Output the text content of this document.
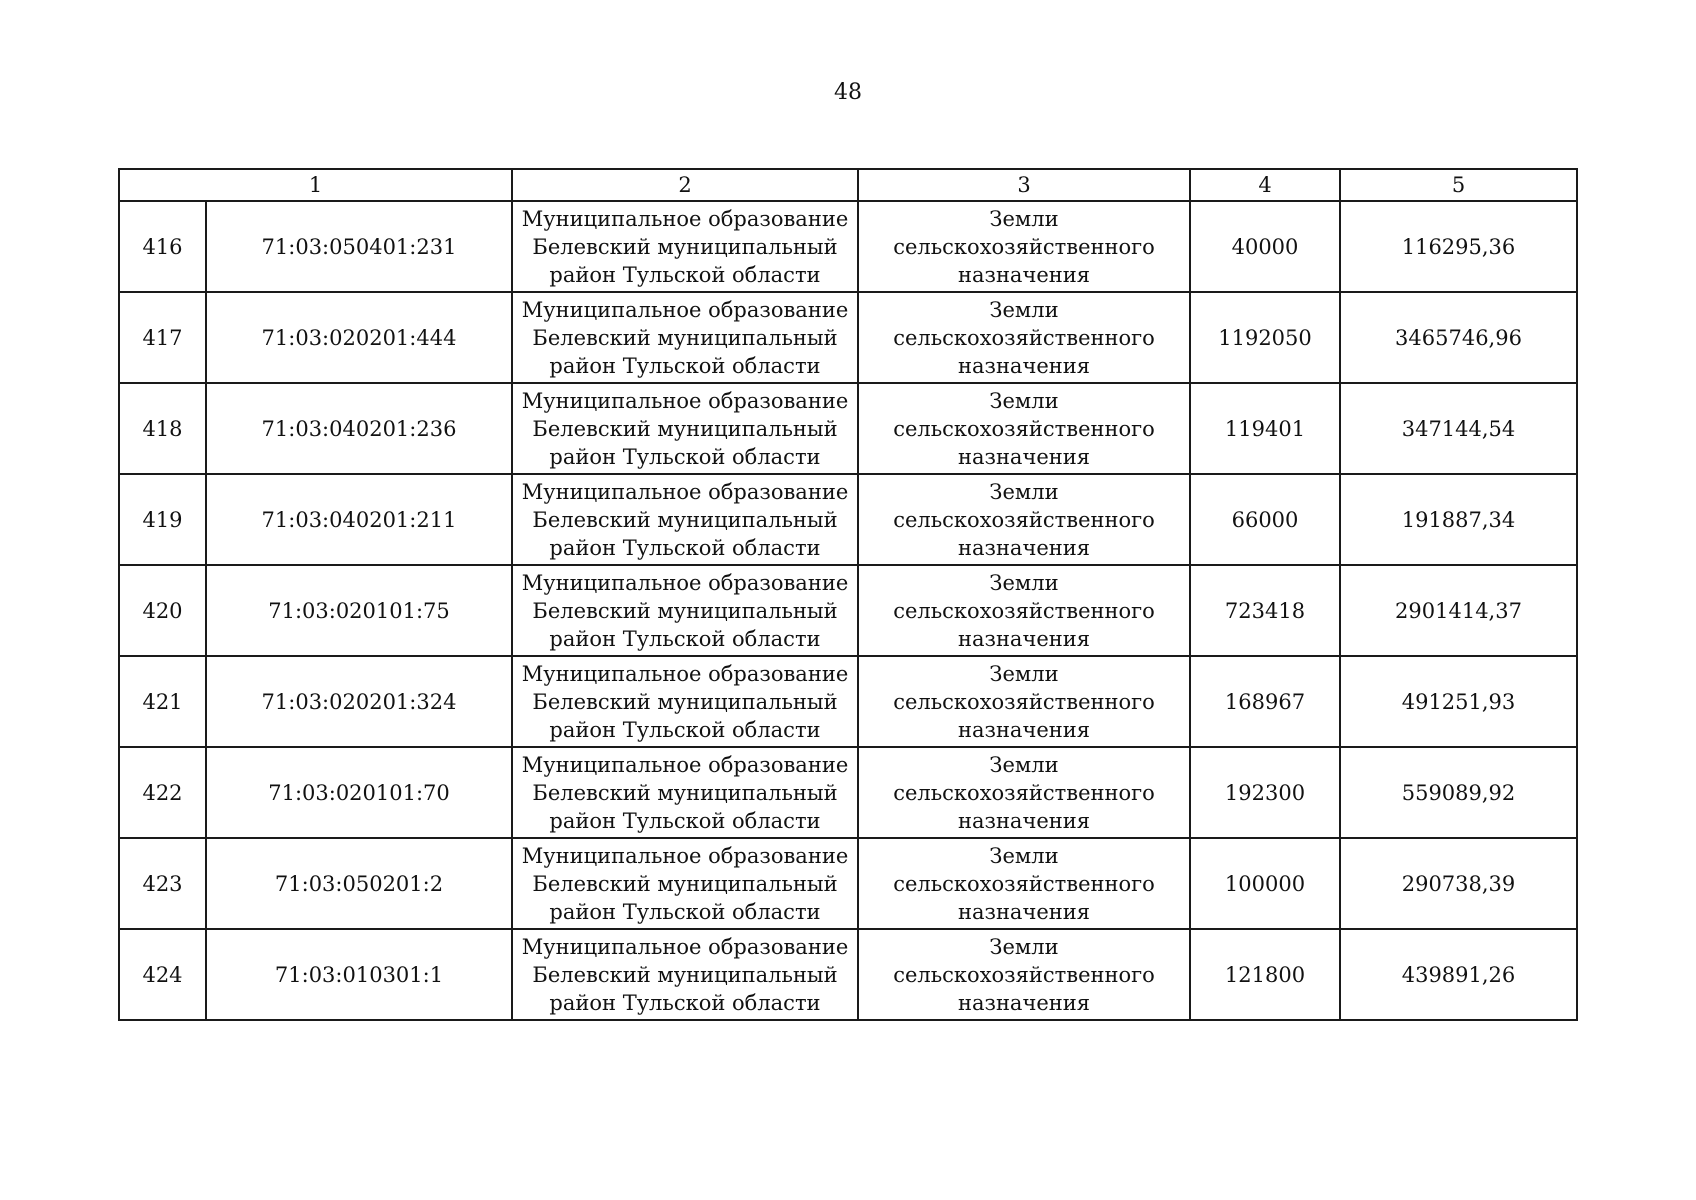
48
1		2	3	4	5
416	71:03:050401:231	Муниципальное образование
Белевский муниципальный
район Тульской области	Земли
сельскохозяйственного
назначения	40000	116295,36
417	71:03:020201:444	Муниципальное образование
Белевский муниципальный
район Тульской области	Земли
сельскохозяйственного
назначения	1192050	3465746,96
418	71:03:040201:236	Муниципальное образование
Белевский муниципальный
район Тульской области	Земли
сельскохозяйственного
назначения	119401	347144,54
419	71:03:040201:211	Муниципальное образование
Белевский муниципальный
район Тульской области	Земли
сельскохозяйственного
назначения	66000	191887,34
420	71:03:020101:75	Муниципальное образование
Белевский муниципальный
район Тульской области	Земли
сельскохозяйственного
назначения	723418	2901414,37
421	71:03:020201:324	Муниципальное образование
Белевский муниципальный
район Тульской области	Земли
сельскохозяйственного
назначения	168967	491251,93
422	71:03:020101:70	Муниципальное образование
Белевский муниципальный
район Тульской области	Земли
сельскохозяйственного
назначения	192300	559089,92
423	71:03:050201:2	Муниципальное образование
Белевский муниципальный
район Тульской области	Земли
сельскохозяйственного
назначения	100000	290738,39
424	71:03:010301:1	Муниципальное образование
Белевский муниципальный
район Тульской области	Земли
сельскохозяйственного
назначения	121800	439891,26
